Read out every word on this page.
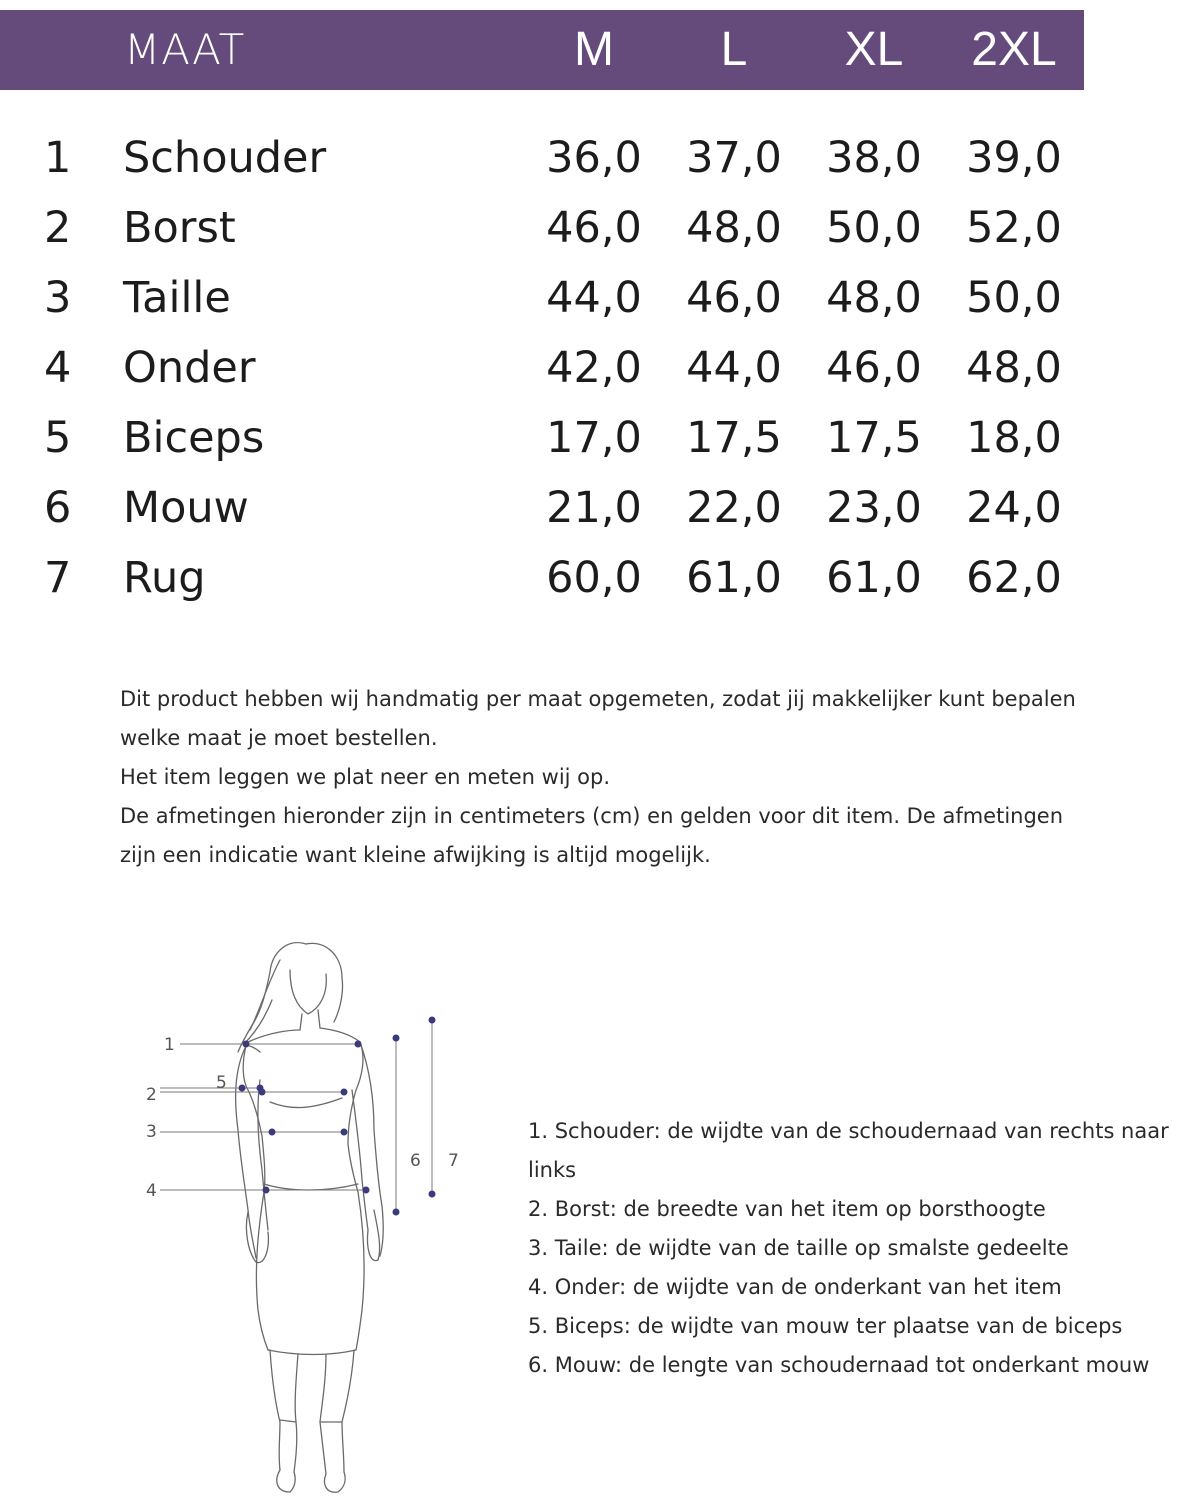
MAAT	M	L	XL	2XL
1 Schouder	36,0	37,0	38,0	39,0
2 Borst	46,0	48,0	50,0	52,0
3 Taille	44,0	46,0	48,0	50,0
4 Onder	42,0	44,0	46,0	48,0
5 Biceps	17,0	17,5	17,5	18,0
6 Mouw	21,0	22,0	23,0	24,0
7 Rug	60,0	61,0	61,0	62,0

Dit product hebben wij handmatig per maat opgemeten, zodat jij makkelijker kunt bepalen

welke maat je moet bestellen.

Het item leggen we plat neer en meten wij op.

De afmetingen hieronder zijn in centimeters (cm) en gelden voor dit item. De afmetingen

zijn een indicatie want kleine afwijking is altijd mogelijk.

1
2
3
4
5
6 7

1. Schouder: de wijdte van de schoudernaad van rechts naar

links

2. Borst: de breedte van het item op borsthoogte

3. Taile: de wijdte van de taille op smalste gedeelte

4. Onder: de wijdte van de onderkant van het item

5. Biceps: de wijdte van mouw ter plaatse van de biceps

6. Mouw: de lengte van schoudernaad tot onderkant mouw
